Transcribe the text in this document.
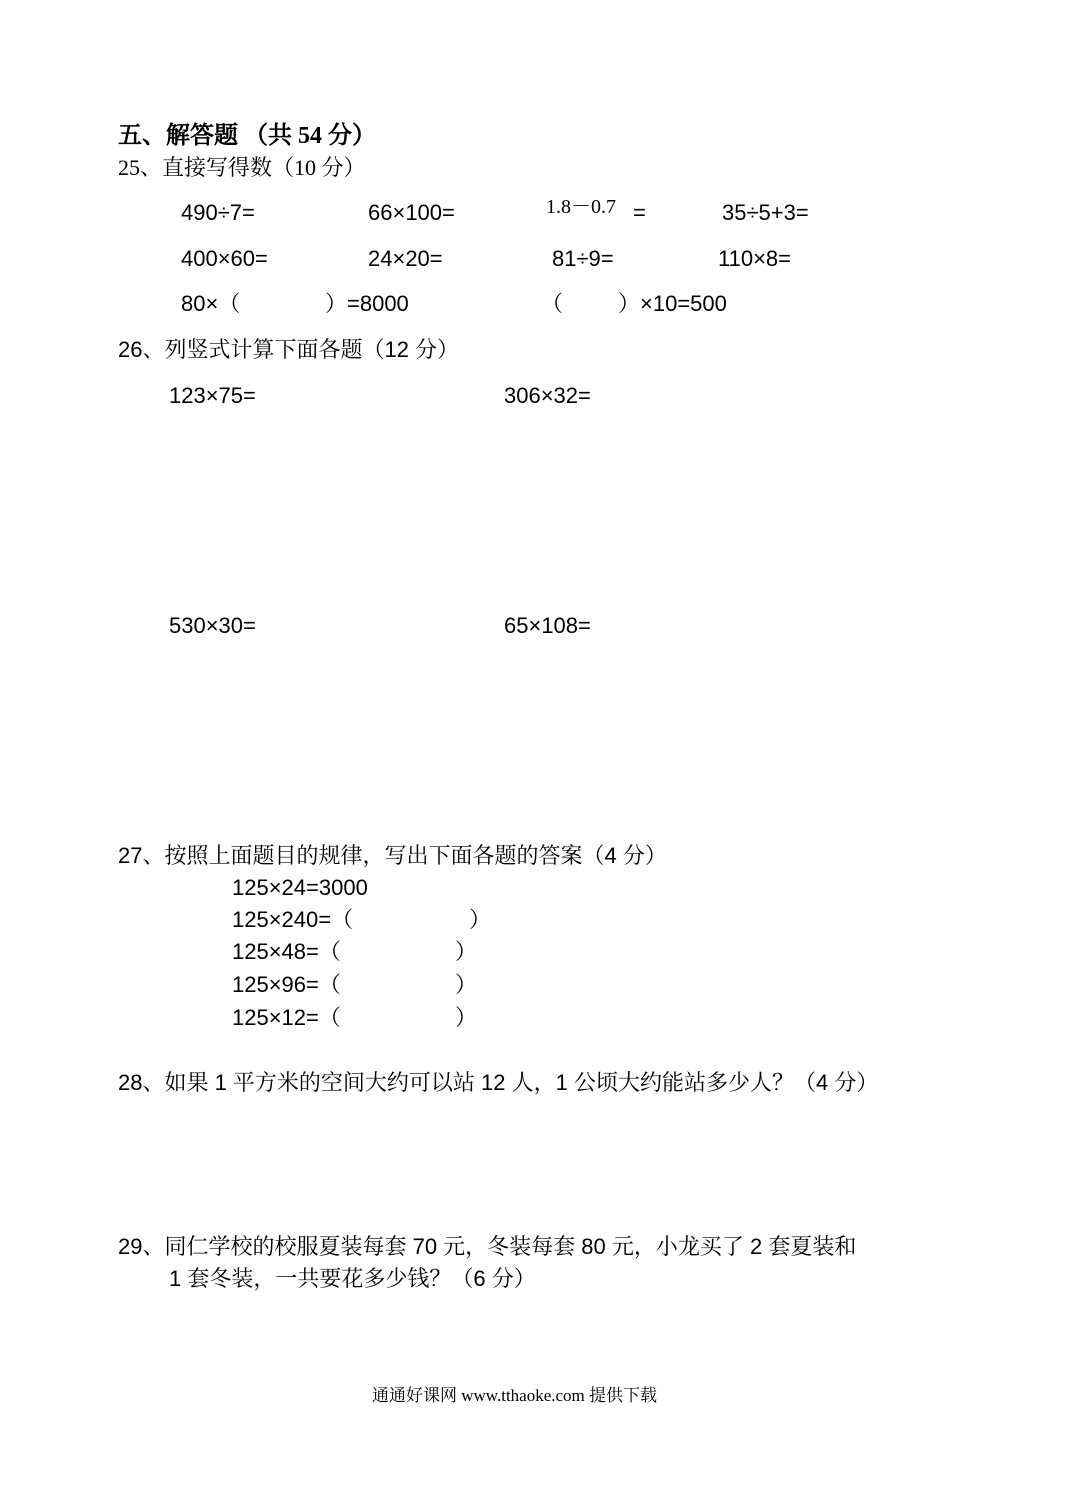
五、解答题 （共 54 分）
25、直接写得数（10 分）
490÷7=	66×100=	1.8－0.7 =	35÷5+3=
400×60=	24×20=	81÷9=	110×8=
80×（	）=8000	（ ）×10=500
26、列竖式计算下面各题（12 分）
123×75=	306×32=
530×30=	65×108=
27、按照上面题目的规律，写出下面各题的答案（4 分）
125×24=3000
125×240=（	）
125×48=（	）
125×96=（	）
125×12=（	）
28、如果 1 平方米的空间大约可以站 12 人，1 公顷大约能站多少人？（4 分）
29、同仁学校的校服夏装每套 70 元，冬装每套 80 元，小龙买了 2 套夏装和
1 套冬装，一共要花多少钱？（6 分）
通通好课网 www.tthaoke.com 提供下载
